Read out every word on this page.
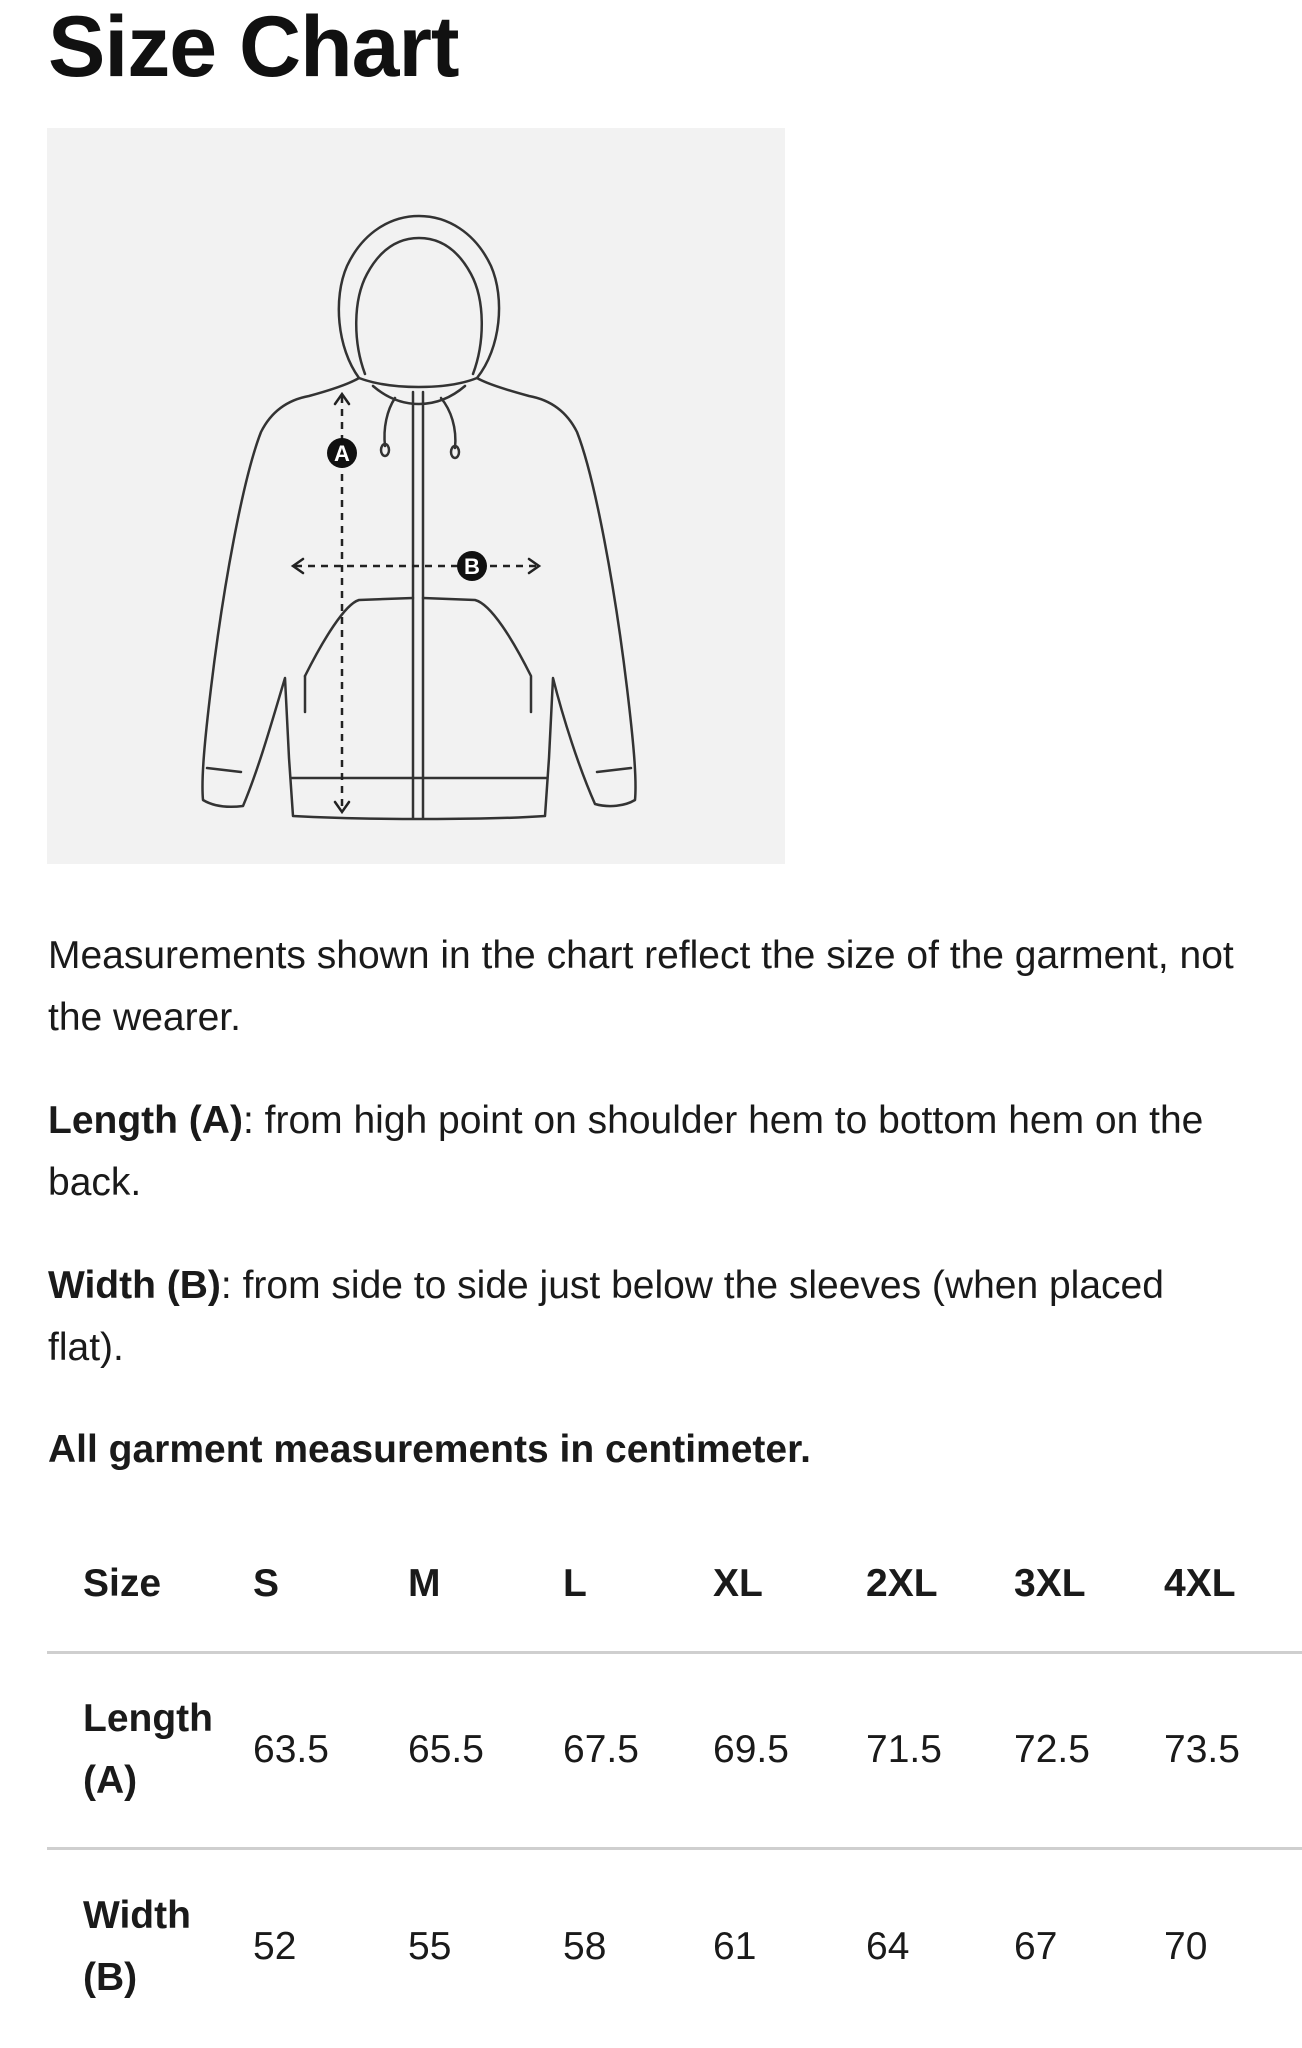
Size Chart
A
B

Measurements shown in the chart reflect the size of the garment, not the wearer.

Length (A): from high point on shoulder hem to bottom hem on the back.

Width (B): from side to side just below the sleeves (when placed flat).

All garment measurements in centimeter.

Size	S	M	L	XL	2XL	3XL	4XL
Length
(A)	63.5	65.5	67.5	69.5	71.5	72.5	73.5
Width
(B)	52	55	58	61	64	67	70
